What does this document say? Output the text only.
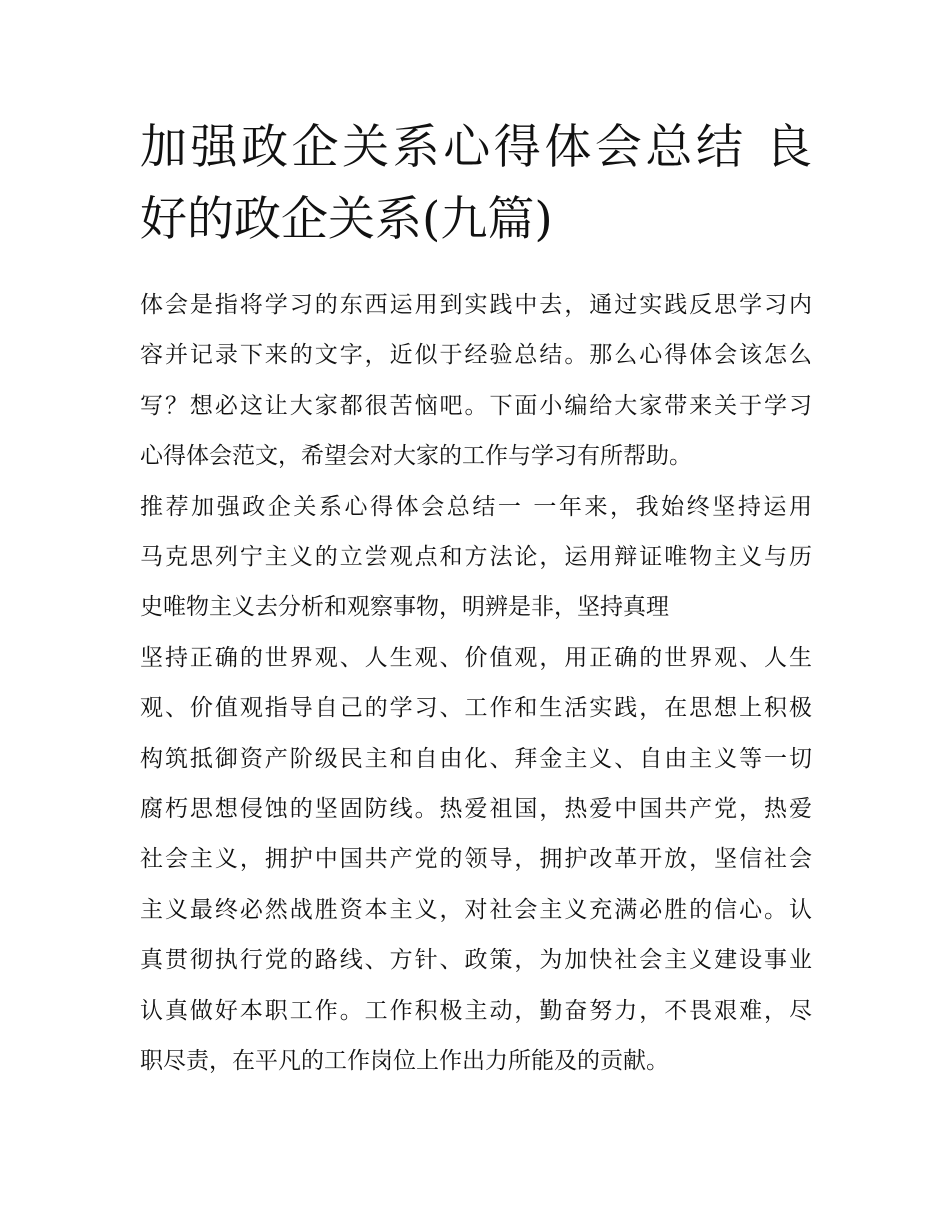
加强政企关系心得体会总结 良
好的政企关系(九篇)
体会是指将学习的东西运用到实践中去，通过实践反思学习内
容并记录下来的文字，近似于经验总结。那么心得体会该怎么
写？想必这让大家都很苦恼吧。下面小编给大家带来关于学习
心得体会范文，希望会对大家的工作与学习有所帮助。
推荐加强政企关系心得体会总结一 一年来，我始终坚持运用
马克思列宁主义的立尝观点和方法论，运用辩证唯物主义与历
史唯物主义去分析和观察事物，明辨是非，坚持真理
坚持正确的世界观、人生观、价值观，用正确的世界观、人生
观、价值观指导自己的学习、工作和生活实践，在思想上积极
构筑抵御资产阶级民主和自由化、拜金主义、自由主义等一切
腐朽思想侵蚀的坚固防线。热爱祖国，热爱中国共产党，热爱
社会主义，拥护中国共产党的领导，拥护改革开放，坚信社会
主义最终必然战胜资本主义，对社会主义充满必胜的信心。认
真贯彻执行党的路线、方针、政策，为加快社会主义建设事业
认真做好本职工作。工作积极主动，勤奋努力，不畏艰难，尽
职尽责，在平凡的工作岗位上作出力所能及的贡献。
